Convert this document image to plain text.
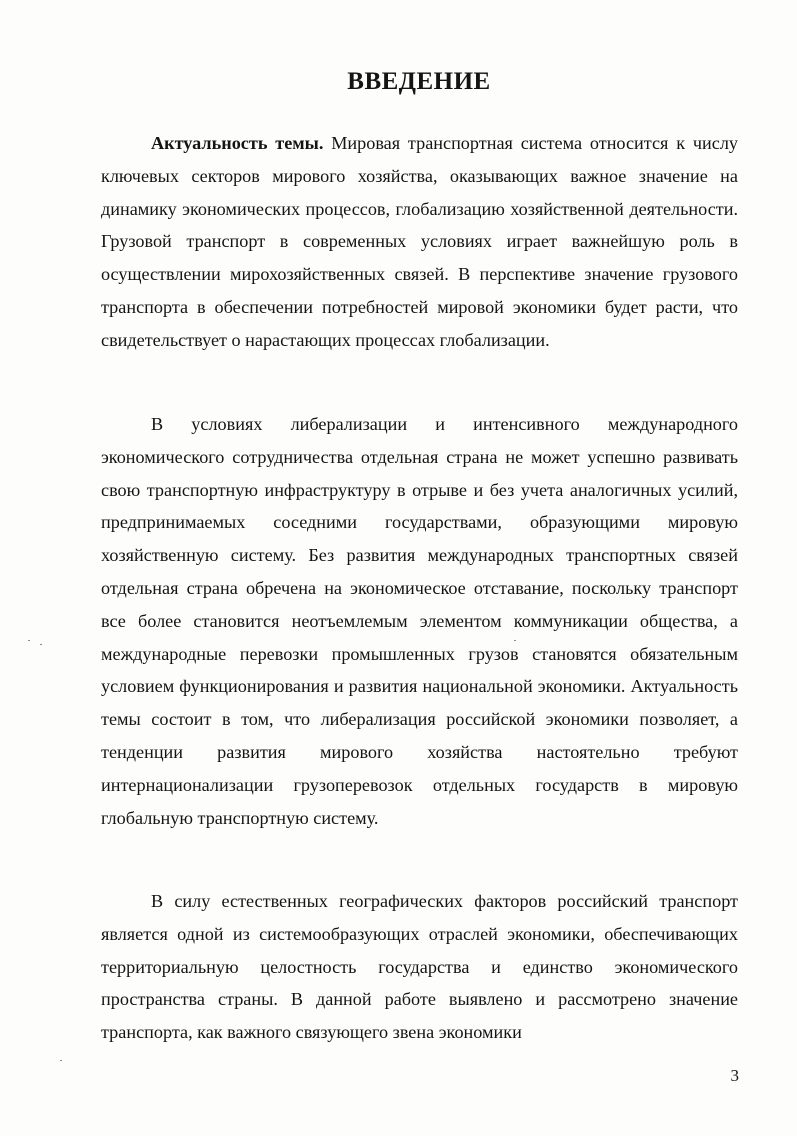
ВВЕДЕНИЕ

Актуальность темы. Мировая транспортная система относится к числу ключевых секторов мирового хозяйства, оказывающих важное значение на динамику экономических процессов, глобализацию хозяйственной деятельности. Грузовой транспорт в современных условиях играет важнейшую роль в осуществлении мирохозяйственных связей. В перспективе значение грузового транспорта в обеспечении потребностей мировой экономики будет расти, что свидетельствует о нарастающих процессах глобализации.

В условиях либерализации и интенсивного международного экономического сотрудничества отдельная страна не может успешно развивать свою транспортную инфраструктуру в отрыве и без учета аналогичных усилий, предпринимаемых соседними государствами, образующими мировую хозяйственную систему. Без развития международных транспортных связей отдельная страна обречена на экономическое отставание, поскольку транспорт все более становится неотъемлемым элементом коммуникации общества, а международные перевозки промышленных грузов становятся обязательным условием функционирования и развития национальной экономики. Актуальность темы состоит в том, что либерализация российской экономики позволяет, а тенденции развития мирового хозяйства настоятельно требуют интернационализации грузоперевозок отдельных государств в мировую глобальную транспортную систему.

В силу естественных географических факторов российский транспорт является одной из системообразующих отраслей экономики, обеспечивающих территориальную целостность государства и единство экономического пространства страны. В данной работе выявлено и рассмотрено значение транспорта, как важного связующего звена экономики

3
